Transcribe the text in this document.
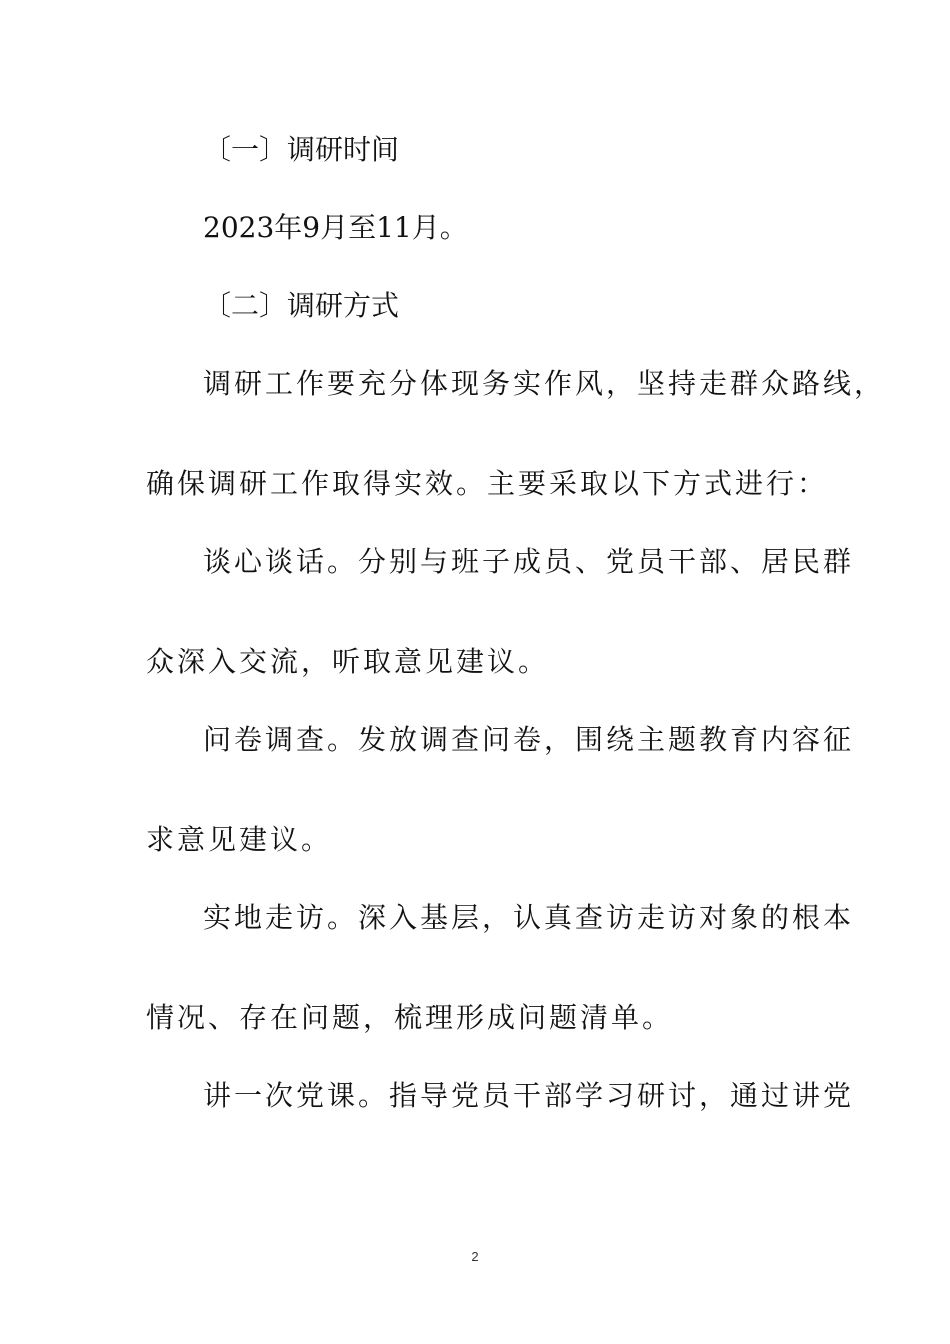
〔一〕调研时间
2023年9月至11月。
〔二〕调研方式
调研工作要充分体现务实作风，坚持走群众路线，
确保调研工作取得实效。主要采取以下方式进行：
谈心谈话。分别与班子成员、党员干部、居民群
众深入交流，听取意见建议。
问卷调查。发放调查问卷，围绕主题教育内容征
求意见建议。
实地走访。深入基层，认真查访走访对象的根本
情况、存在问题，梳理形成问题清单。
讲一次党课。指导党员干部学习研讨，通过讲党
2
